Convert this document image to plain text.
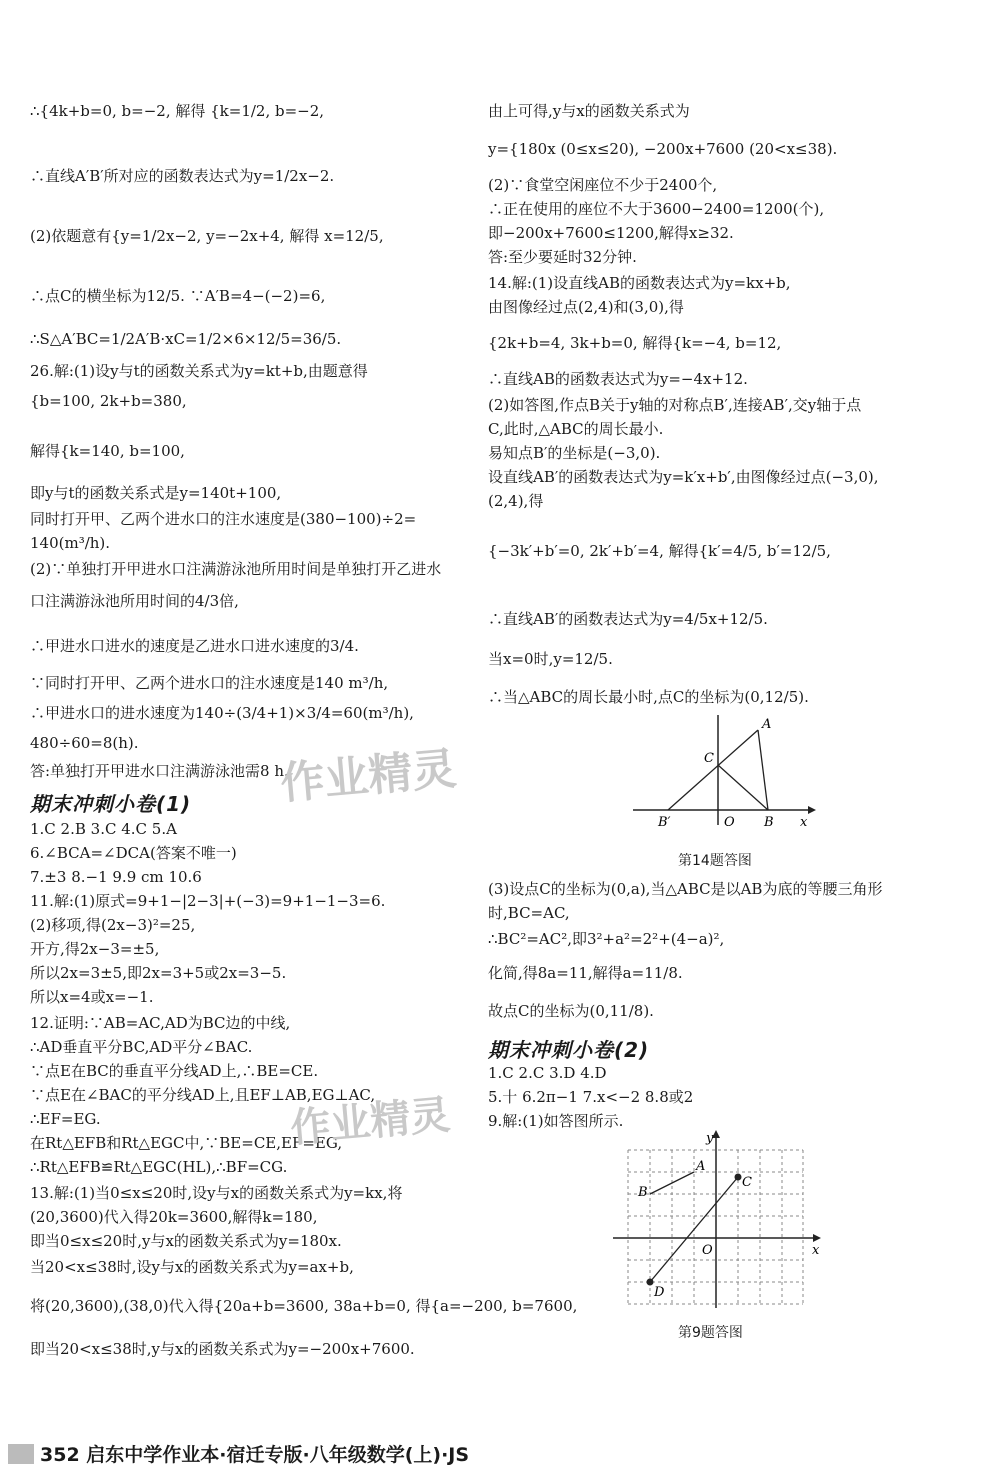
∴{4k+b=0, b=−2, 解得 {k=1/2, b=−2,
∴直线A′B′所对应的函数表达式为y=1/2x−2.
(2)依题意有{y=1/2x−2, y=−2x+4, 解得 x=12/5,
∴点C的横坐标为12/5. ∵A′B=4−(−2)=6,
∴S△A′BC=1/2A′B·xC=1/2×6×12/5=36/5.
26.解:(1)设y与t的函数关系式为y=kt+b,由题意得
{b=100, 2k+b=380,
解得{k=140, b=100,
即y与t的函数关系式是y=140t+100,
同时打开甲、乙两个进水口的注水速度是(380−100)÷2=
140(m³/h).
(2)∵单独打开甲进水口注满游泳池所用时间是单独打开乙进水
口注满游泳池所用时间的4/3倍,
∴甲进水口进水的速度是乙进水口进水速度的3/4.
∵同时打开甲、乙两个进水口的注水速度是140 m³/h,
∴甲进水口的进水速度为140÷(3/4+1)×3/4=60(m³/h),
480÷60=8(h).
答:单独打开甲进水口注满游泳池需8 h.
期末冲刺小卷(1)
1.C 2.B 3.C 4.C 5.A
6.∠BCA=∠DCA(答案不唯一)
7.±3 8.−1 9.9 cm 10.6
11.解:(1)原式=9+1−|2−3|+(−3)=9+1−1−3=6.
(2)移项,得(2x−3)²=25,
开方,得2x−3=±5,
所以2x=3±5,即2x=3+5或2x=3−5.
所以x=4或x=−1.
12.证明:∵AB=AC,AD为BC边的中线,
∴AD垂直平分BC,AD平分∠BAC.
∵点E在BC的垂直平分线AD上,∴BE=CE.
∵点E在∠BAC的平分线AD上,且EF⊥AB,EG⊥AC,
∴EF=EG.
在Rt△EFB和Rt△EGC中,∵BE=CE,EF=EG,
∴Rt△EFB≌Rt△EGC(HL),∴BF=CG.
13.解:(1)当0≤x≤20时,设y与x的函数关系式为y=kx,将
(20,3600)代入得20k=3600,解得k=180,
即当0≤x≤20时,y与x的函数关系式为y=180x.
当20<x≤38时,设y与x的函数关系式为y=ax+b,
将(20,3600),(38,0)代入得{20a+b=3600, 38a+b=0, 得{a=−200, b=7600,
即当20<x≤38时,y与x的函数关系式为y=−200x+7600.
由上可得,y与x的函数关系式为
y={180x (0≤x≤20), −200x+7600 (20<x≤38).
(2)∵食堂空闲座位不少于2400个,
∴正在使用的座位不大于3600−2400=1200(个),
即−200x+7600≤1200,解得x≥32.
答:至少要延时32分钟.
14.解:(1)设直线AB的函数表达式为y=kx+b,
由图像经过点(2,4)和(3,0),得
{2k+b=4, 3k+b=0, 解得{k=−4, b=12,
∴直线AB的函数表达式为y=−4x+12.
(2)如答图,作点B关于y轴的对称点B′,连接AB′,交y轴于点
C,此时,△ABC的周长最小.
易知点B′的坐标是(−3,0).
设直线AB′的函数表达式为y=k′x+b′,由图像经过点(−3,0),
(2,4),得
{−3k′+b′=0, 2k′+b′=4, 解得{k′=4/5, b′=12/5,
∴直线AB′的函数表达式为y=4/5x+12/5.
当x=0时,y=12/5.
∴当△ABC的周长最小时,点C的坐标为(0,12/5).
A
C
B′	O B x
第14题答图
(3)设点C的坐标为(0,a),当△ABC是以AB为底的等腰三角形
时,BC=AC,
∴BC²=AC²,即3²+a²=2²+(4−a)²,
化简,得8a=11,解得a=11/8.
故点C的坐标为(0,11/8).
期末冲刺小卷(2)
1.C 2.C 3.D 4.D
5.十 6.2π−1 7.x<−2 8.8或2
9.解:(1)如答图所示.
y
A
B
C
O	x
D
第9题答图
作业精灵
作业精灵
352 启东中学作业本·宿迁专版·八年级数学(上)·JS
